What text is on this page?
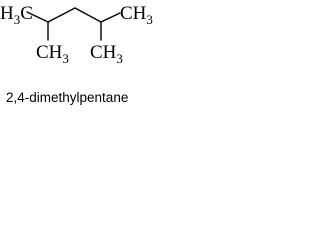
$H_3C$	$CH_3$
$CH_3$ $CH_3$
2,4-dimethylpentane
